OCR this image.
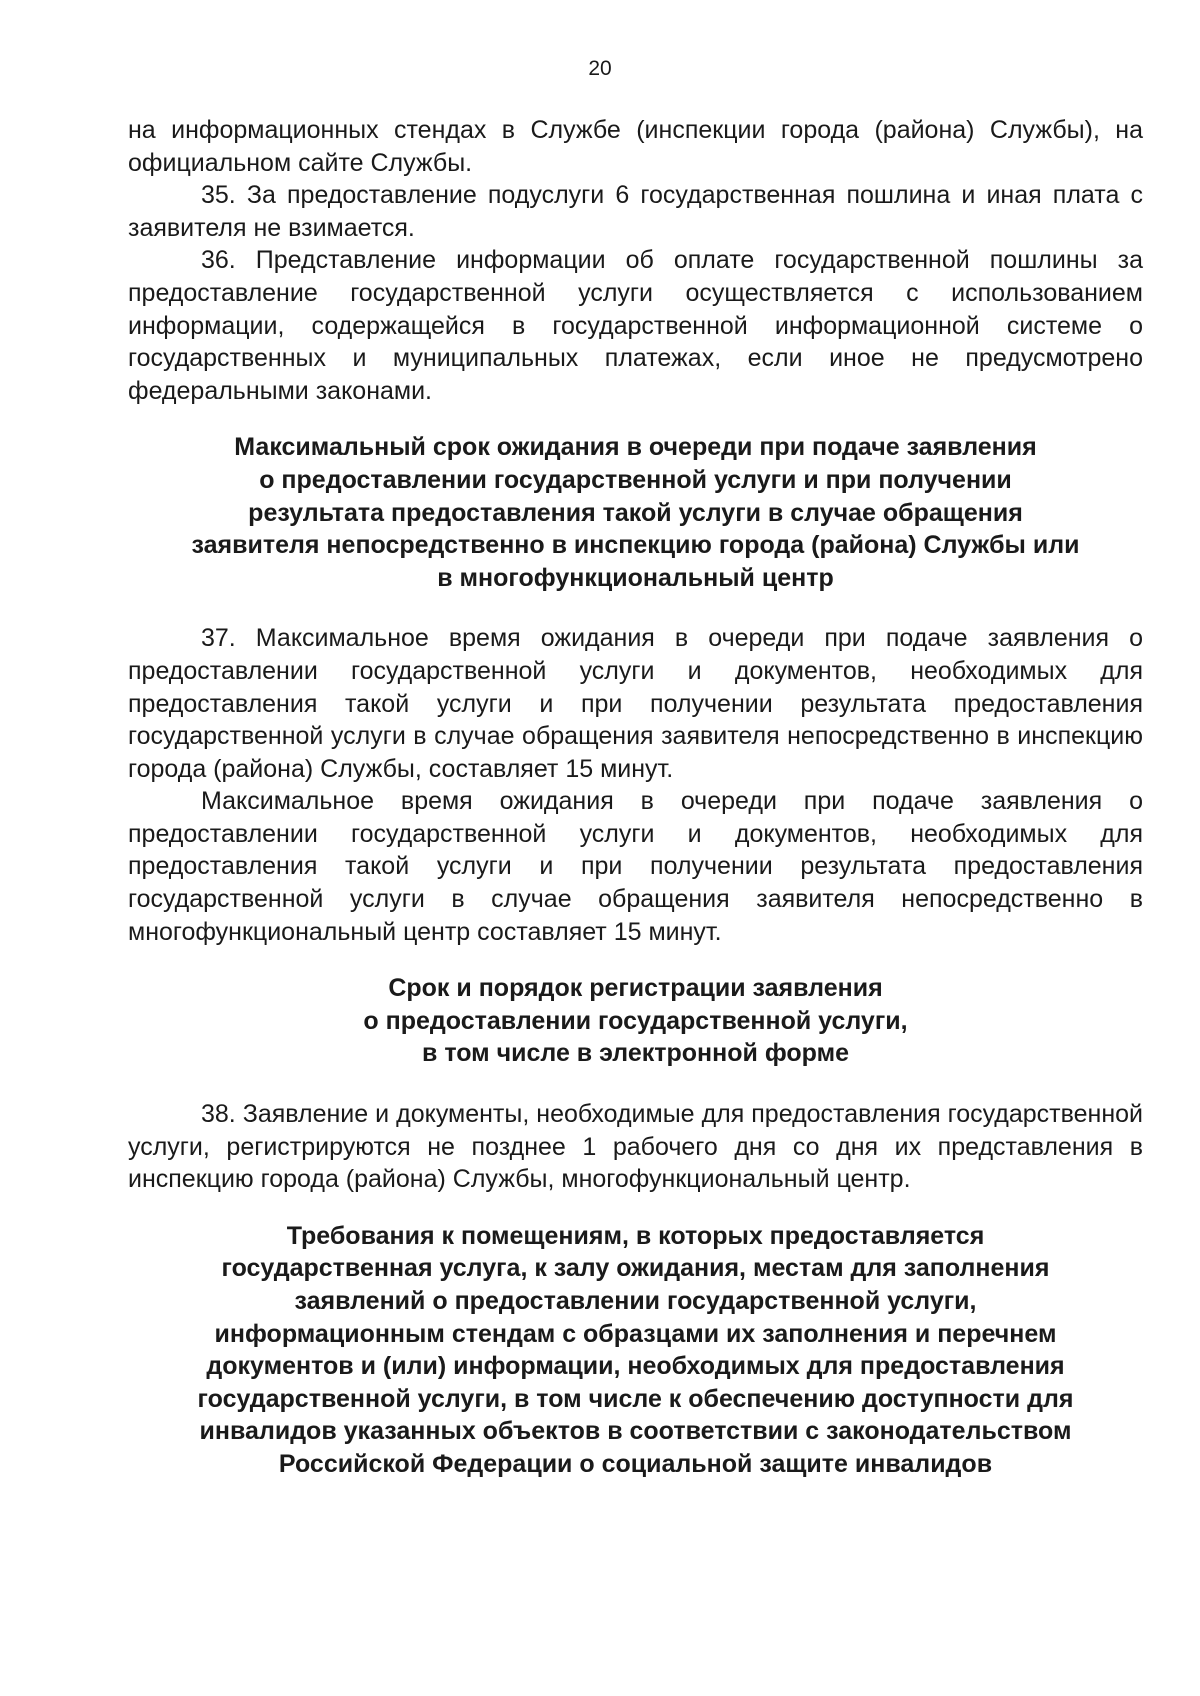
20

на информационных стендах в Службе (инспекции города (района) Службы), на официальном сайте Службы.

35. За предоставление подуслуги 6 государственная пошлина и иная плата с заявителя не взимается.

36. Представление информации об оплате государственной пошлины за предоставление государственной услуги осуществляется с использованием информации, содержащейся в государственной информационной системе о государственных и муниципальных платежах, если иное не предусмотрено федеральными законами.

Максимальный срок ожидания в очереди при подаче заявления
о предоставлении государственной услуги и при получении
результата предоставления такой услуги в случае обращения
заявителя непосредственно в инспекцию города (района) Службы или
в многофункциональный центр

37. Максимальное время ожидания в очереди при подаче заявления о предоставлении государственной услуги и документов, необходимых для предоставления такой услуги и при получении результата предоставления государственной услуги в случае обращения заявителя непосредственно в инспекцию города (района) Службы, составляет 15 минут.

Максимальное время ожидания в очереди при подаче заявления о предоставлении государственной услуги и документов, необходимых для предоставления такой услуги и при получении результата предоставления государственной услуги в случае обращения заявителя непосредственно в многофункциональный центр составляет 15 минут.

Срок и порядок регистрации заявления
о предоставлении государственной услуги,
в том числе в электронной форме

38. Заявление и документы, необходимые для предоставления государственной услуги, регистрируются не позднее 1 рабочего дня со дня их представления в инспекцию города (района) Службы, многофункциональный центр.

Требования к помещениям, в которых предоставляется
государственная услуга, к залу ожидания, местам для заполнения
заявлений о предоставлении государственной услуги,
информационным стендам с образцами их заполнения и перечнем
документов и (или) информации, необходимых для предоставления
государственной услуги, в том числе к обеспечению доступности для
инвалидов указанных объектов в соответствии с законодательством
Российской Федерации о социальной защите инвалидов
